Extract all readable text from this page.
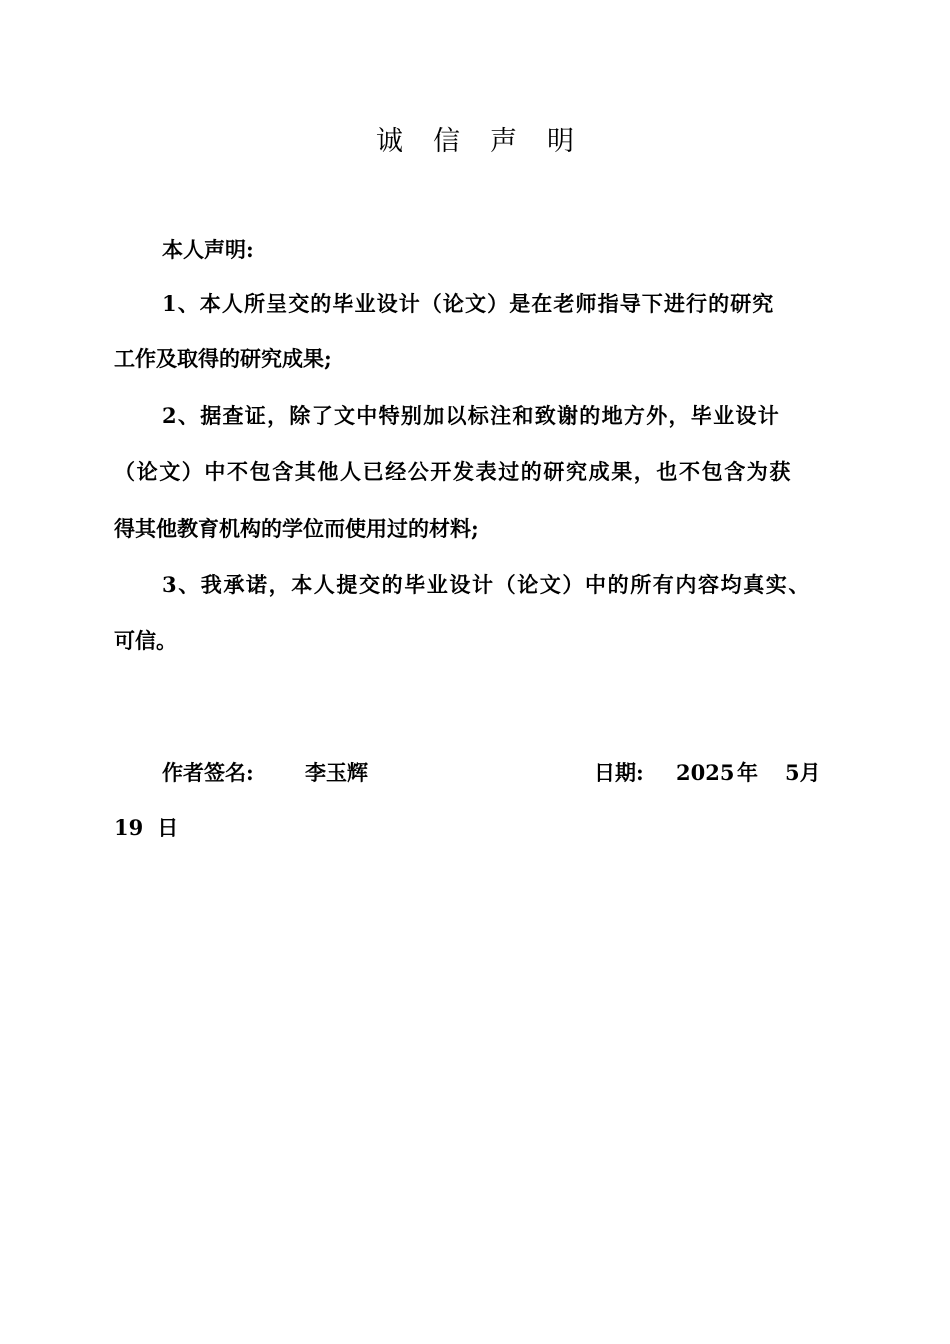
诚信声明
本人声明:
1、本人所呈交的毕业设计（论文）是在老师指导下进行的研究
工作及取得的研究成果;
2、据查证，除了文中特别加以标注和致谢的地方外，毕业设计
（论文）中不包含其他人已经公开发表过的研究成果，也不包含为获
得其他教育机构的学位而使用过的材料;
3、我承诺，本人提交的毕业设计（论文）中的所有内容均真实、
可信。
作者签名: 李玉辉	日期: 2025 年 5月
19 日
